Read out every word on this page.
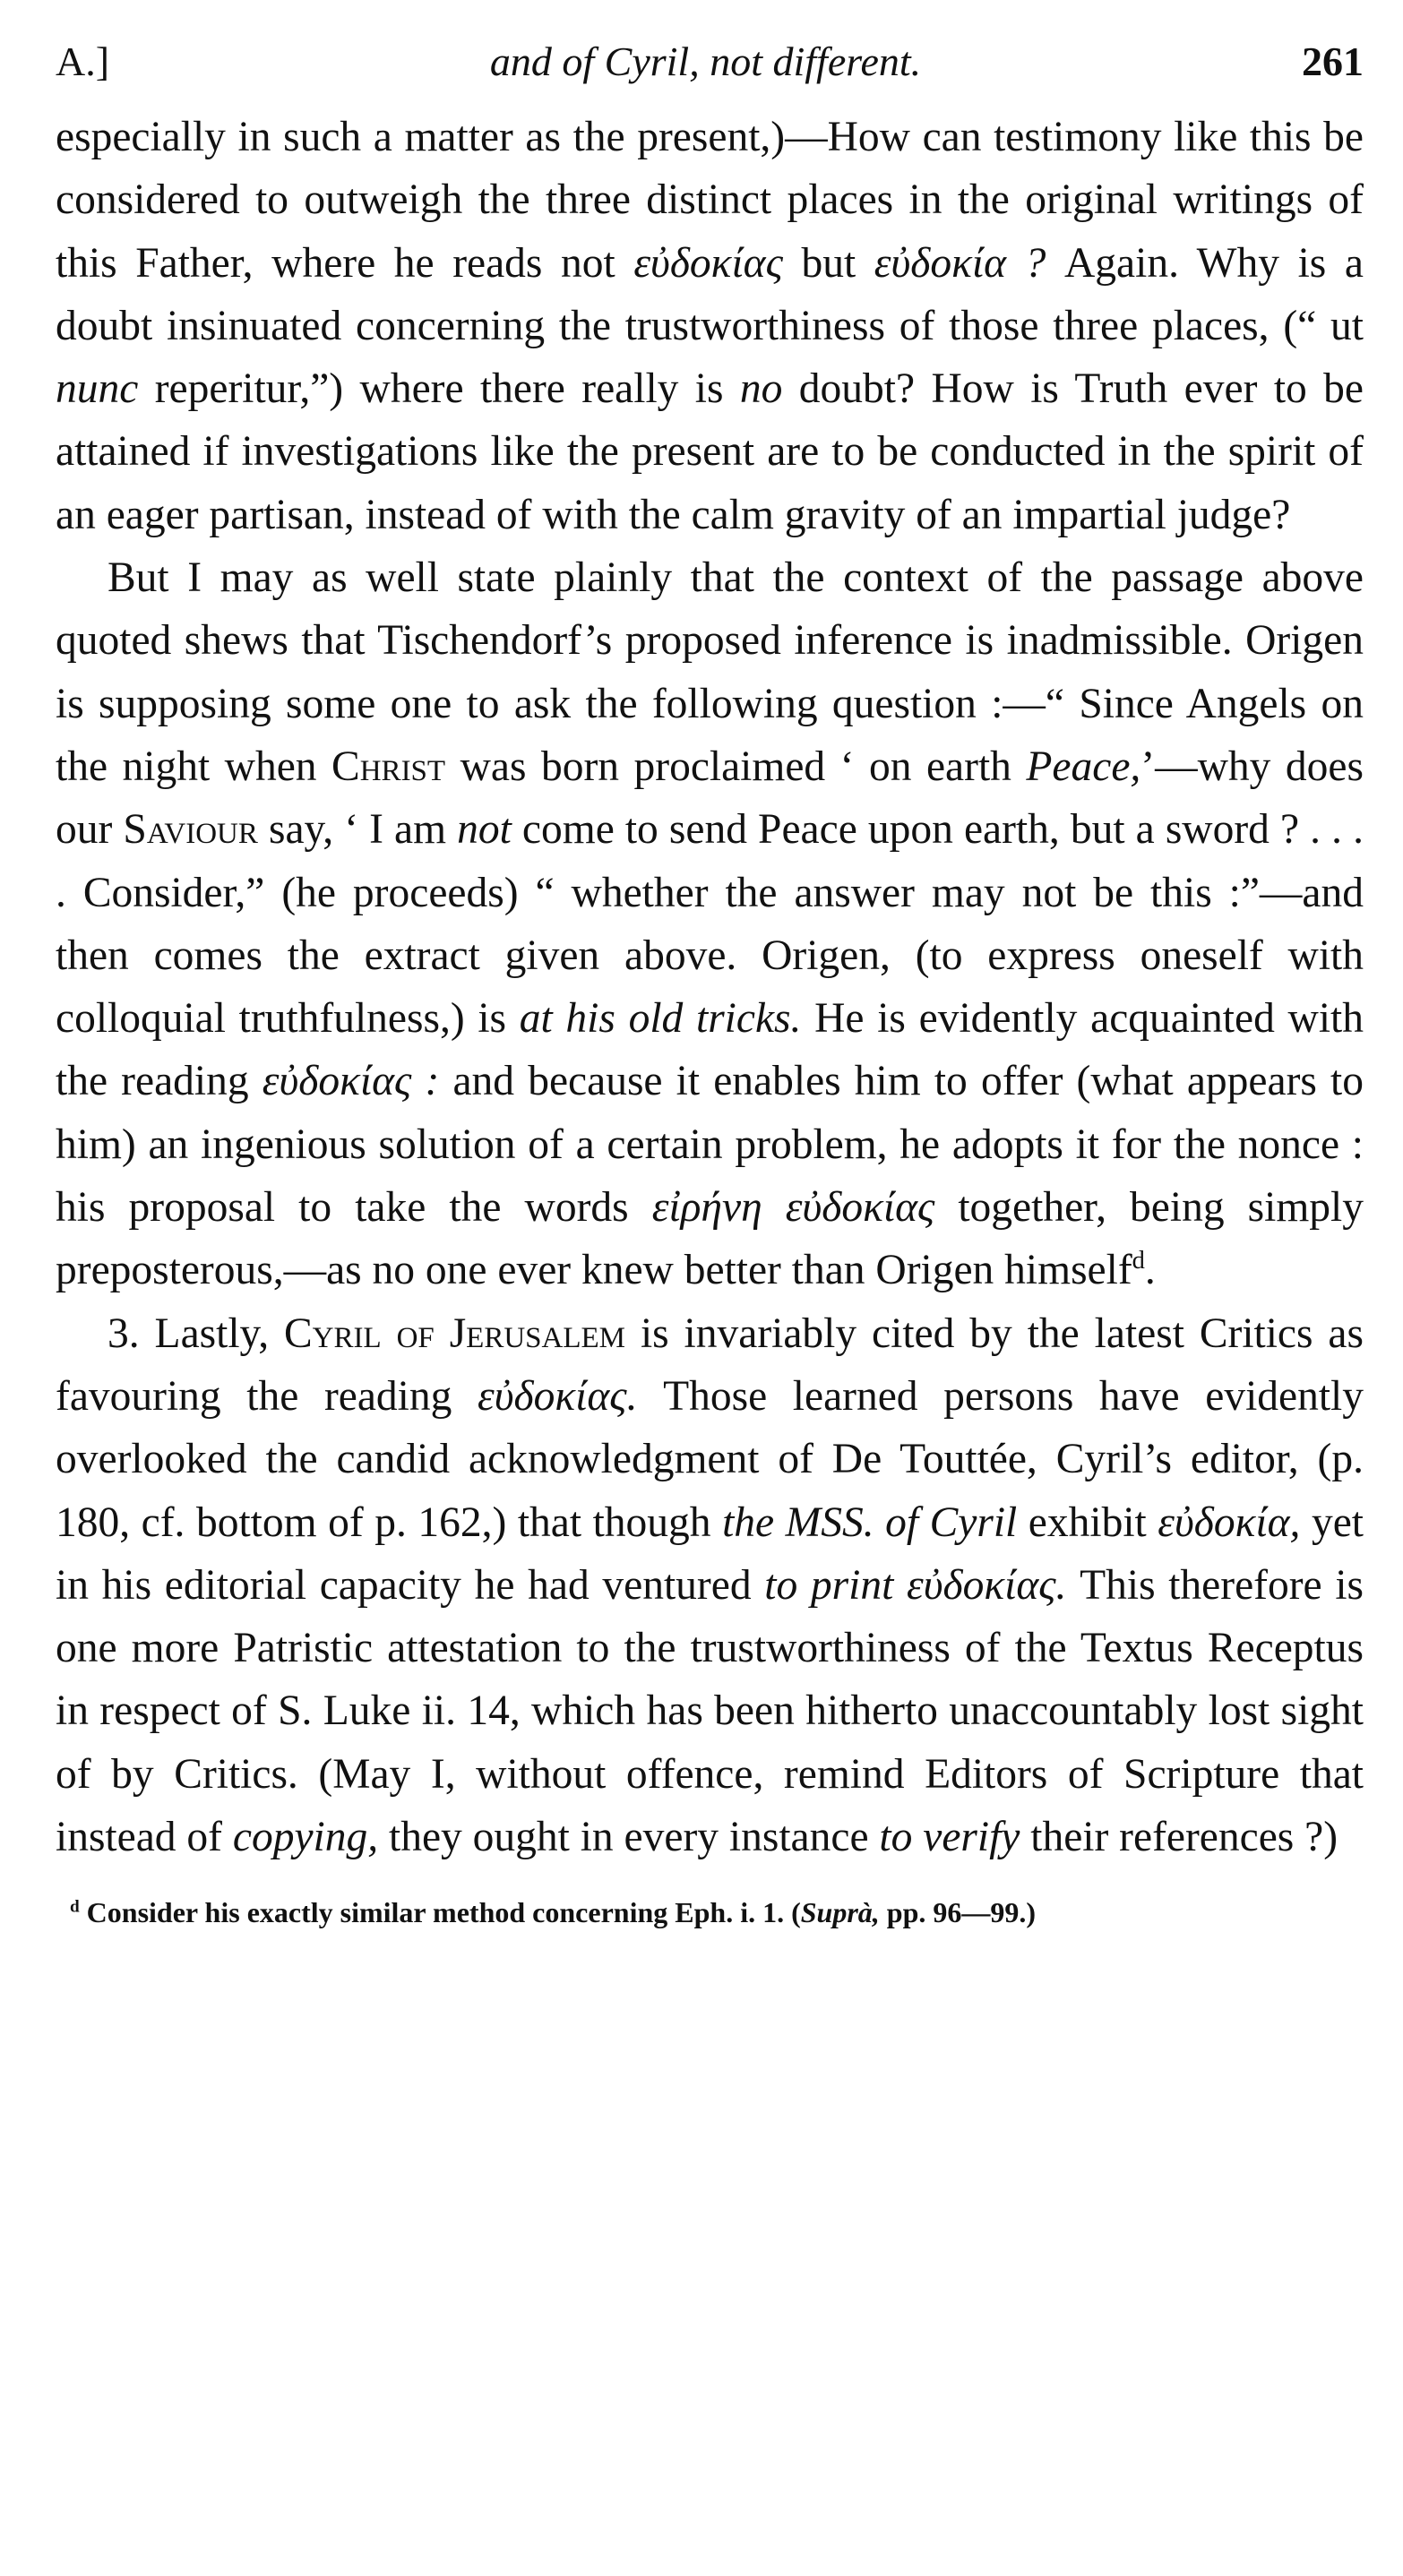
A.]	and of Cyril, not different.	261

especially in such a matter as the present,)—How can testimony like this be considered to outweigh the three distinct places in the original writings of this Father, where he reads not εὐδοκίας but εὐδοκία ? Again. Why is a doubt insinuated concerning the trustworthiness of those three places, (“ ut nunc reperitur,”) where there really is no doubt? How is Truth ever to be attained if investigations like the present are to be conducted in the spirit of an eager partisan, instead of with the calm gravity of an impartial judge?

But I may as well state plainly that the context of the passage above quoted shews that Tischendorf’s proposed inference is inadmissible. Origen is supposing some one to ask the following question :—“ Since Angels on the night when Christ was born proclaimed ‘ on earth Peace,’—why does our Saviour say, ‘ I am not come to send Peace upon earth, but a sword ? . . . . Consider,” (he proceeds) “ whether the answer may not be this :”—and then comes the extract given above. Origen, (to express oneself with colloquial truthfulness,) is at his old tricks. He is evidently acquainted with the reading εὐδοκίας : and because it enables him to offer (what appears to him) an ingenious solution of a certain problem, he adopts it for the nonce : his proposal to take the words εἰρήνη εὐδοκίας together, being simply preposterous,—as no one ever knew better than Origen himself$^d$.

3. Lastly, Cyril of Jerusalem is invariably cited by the latest Critics as favouring the reading εὐδοκίας. Those learned persons have evidently overlooked the candid acknowledgment of De Touttée, Cyril’s editor, (p. 180, cf. bottom of p. 162,) that though the MSS. of Cyril exhibit εὐδοκία, yet in his editorial capacity he had ventured to print εὐδοκίας. This therefore is one more Patristic attestation to the trustworthiness of the Textus Receptus in respect of S. Luke ii. 14, which has been hitherto unaccountably lost sight of by Critics. (May I, without offence, remind Editors of Scripture that instead of copying, they ought in every instance to verify their references ?)

$^d$ Consider his exactly similar method concerning Eph. i. 1. (Suprà, pp. 96—99.)
